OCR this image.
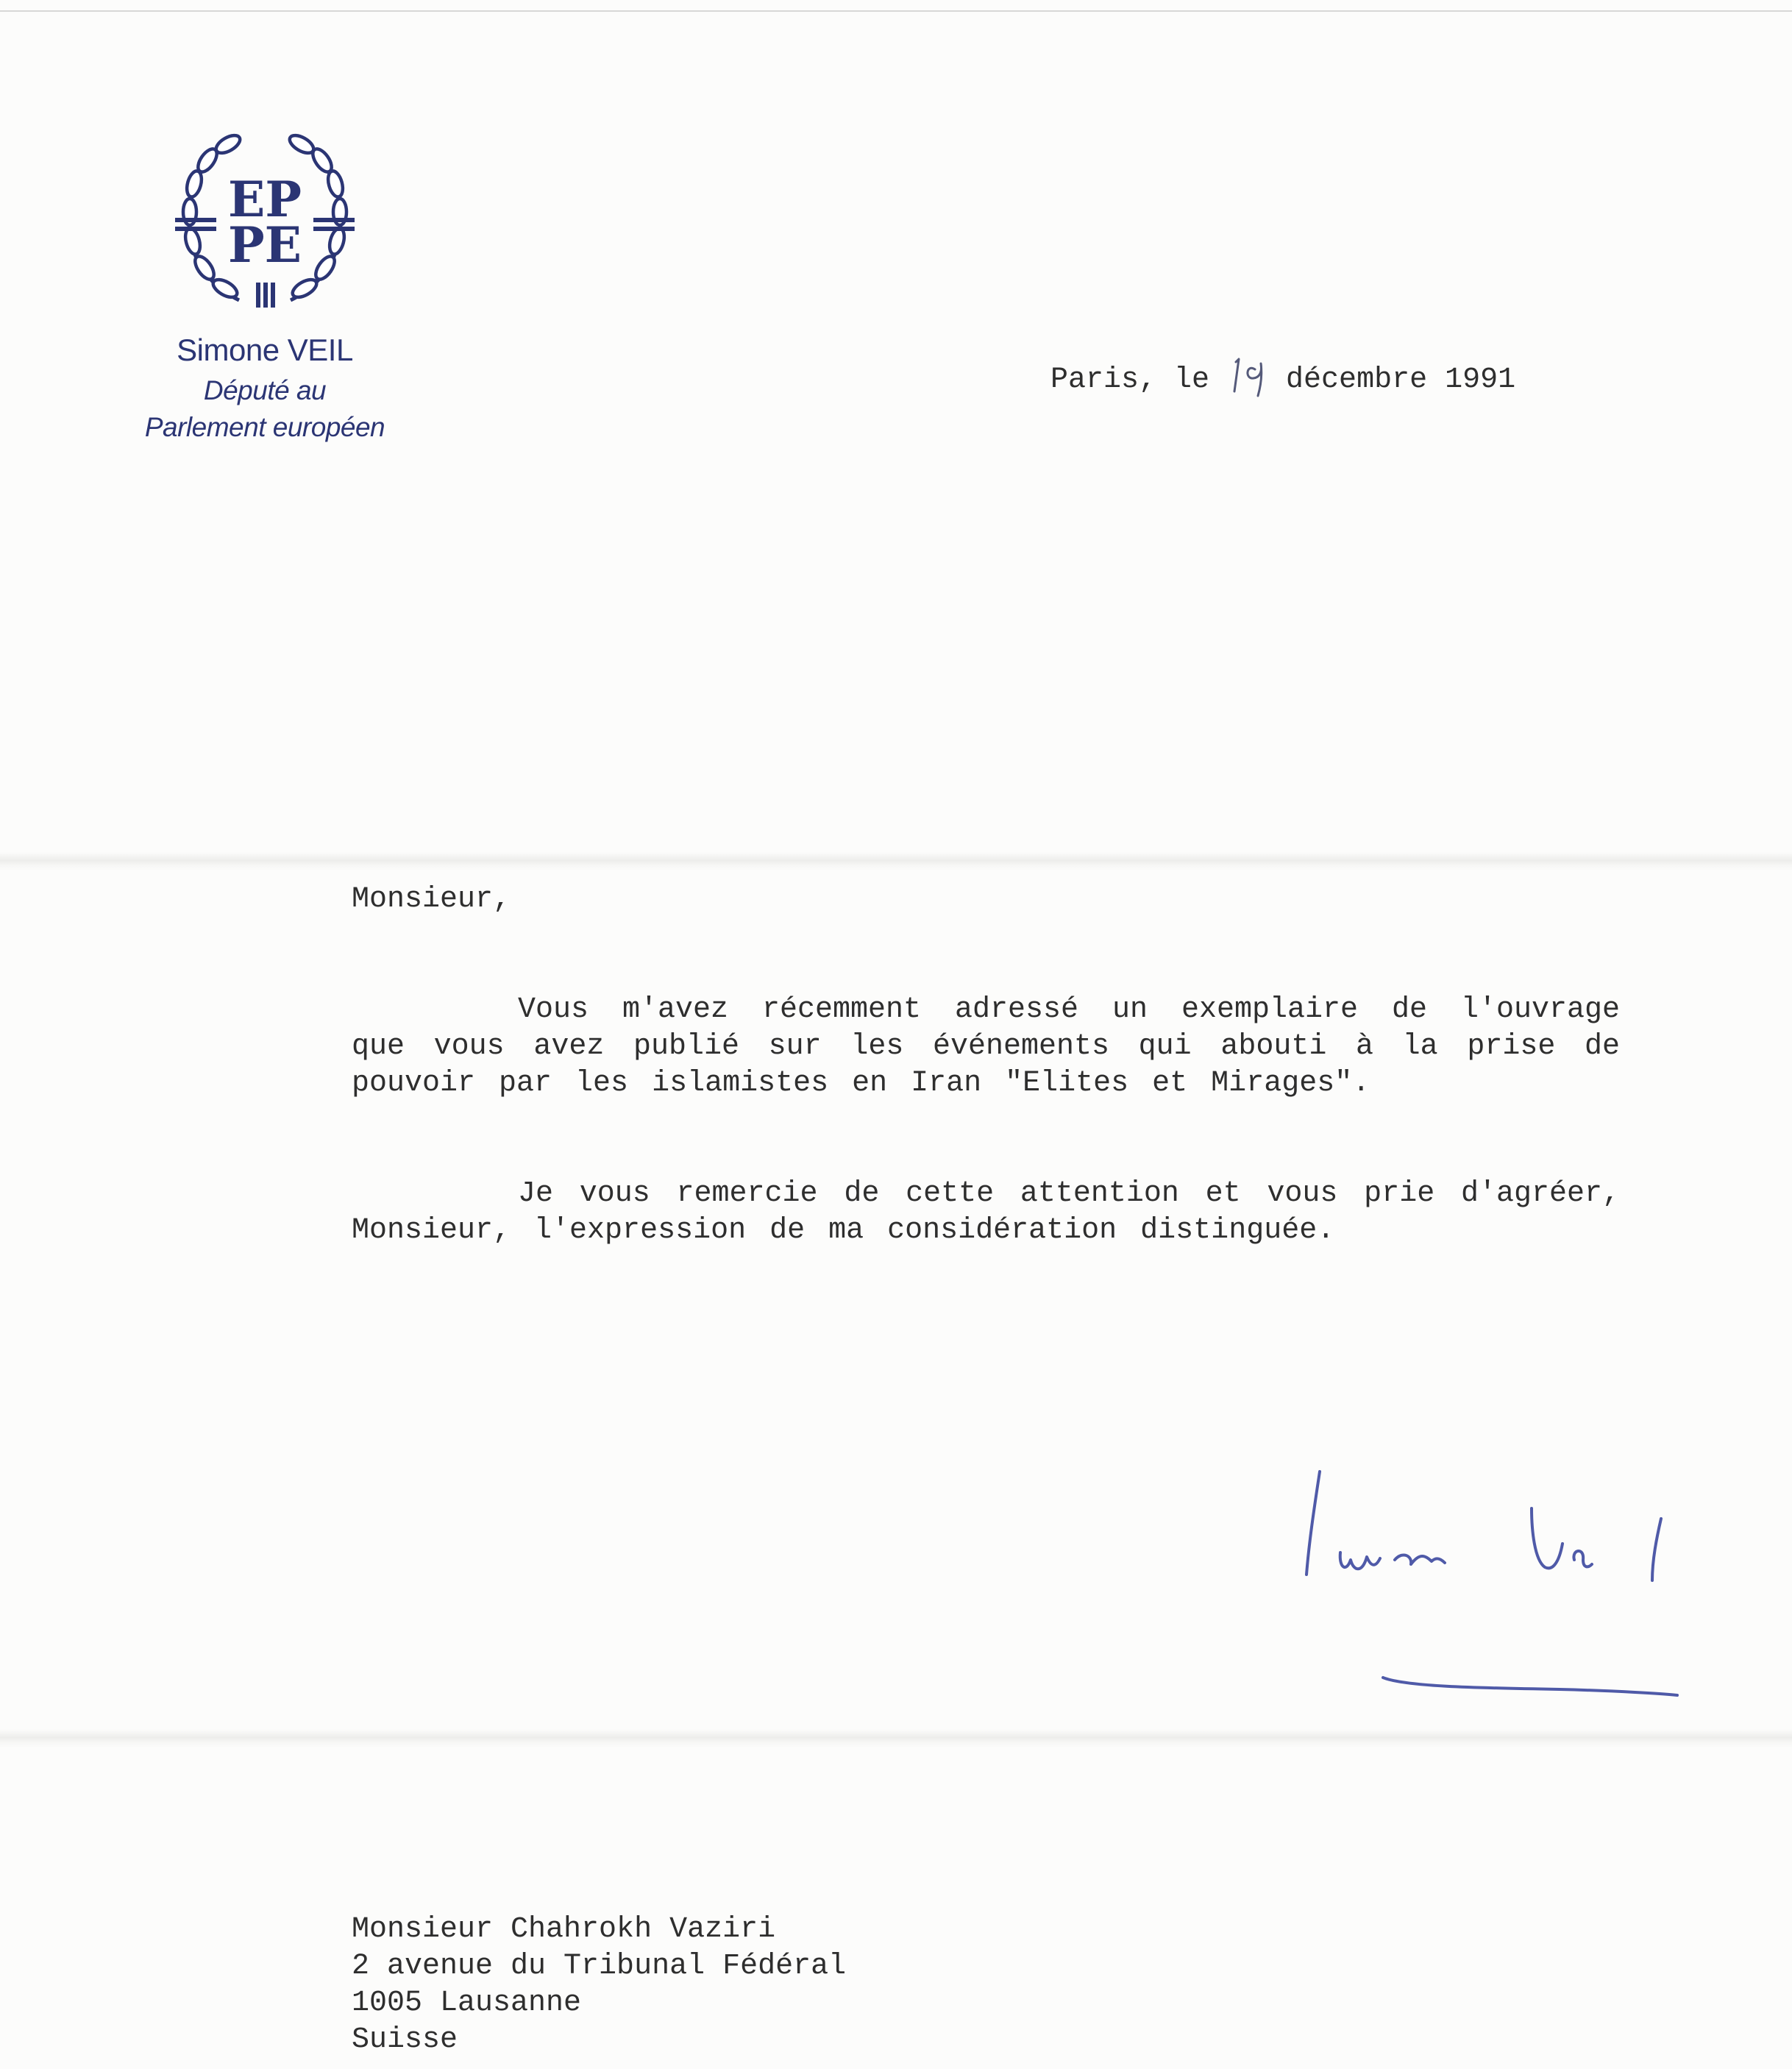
EP
PE
Simone VEIL
Député au
Parlement européen
Paris, le	décembre 1991
Monsieur,
Vous m'avez récemment adressé un exemplaire de l'ouvrage que vous avez publié sur les événements qui abouti à la prise de pouvoir par les islamistes en Iran "Elites et Mirages".
Je vous remercie de cette attention et vous prie d'agréer, Monsieur, l'expression de ma considération distinguée.
Monsieur Chahrokh Vaziri
2 avenue du Tribunal Fédéral
1005 Lausanne
Suisse
